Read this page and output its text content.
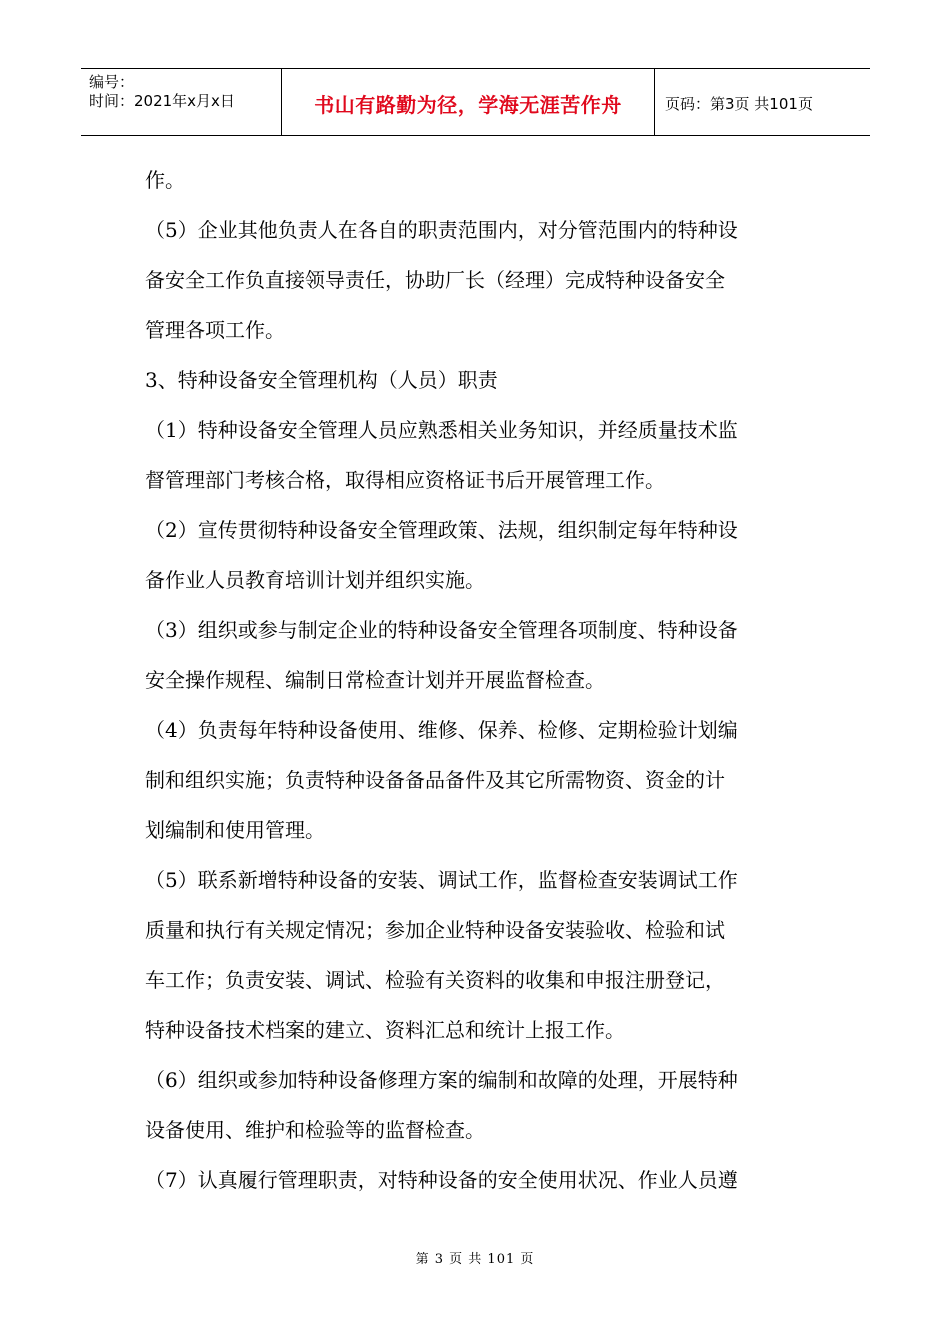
编号：
时间：2021年x月x日	书山有路勤为径，学海无涯苦作舟	页码：第3页 共101页
作。
（5）企业其他负责人在各自的职责范围内，对分管范围内的特种设
备安全工作负直接领导责任，协助厂长（经理）完成特种设备安全
管理各项工作。
3、特种设备安全管理机构（人员）职责
（1）特种设备安全管理人员应熟悉相关业务知识，并经质量技术监
督管理部门考核合格，取得相应资格证书后开展管理工作。
（2）宣传贯彻特种设备安全管理政策、法规，组织制定每年特种设
备作业人员教育培训计划并组织实施。
（3）组织或参与制定企业的特种设备安全管理各项制度、特种设备
安全操作规程、编制日常检查计划并开展监督检查。
（4）负责每年特种设备使用、维修、保养、检修、定期检验计划编
制和组织实施；负责特种设备备品备件及其它所需物资、资金的计
划编制和使用管理。
（5）联系新增特种设备的安装、调试工作，监督检查安装调试工作
质量和执行有关规定情况；参加企业特种设备安装验收、检验和试
车工作；负责安装、调试、检验有关资料的收集和申报注册登记，
特种设备技术档案的建立、资料汇总和统计上报工作。
（6）组织或参加特种设备修理方案的编制和故障的处理，开展特种
设备使用、维护和检验等的监督检查。
（7）认真履行管理职责，对特种设备的安全使用状况、作业人员遵
第 3 页 共 101 页
